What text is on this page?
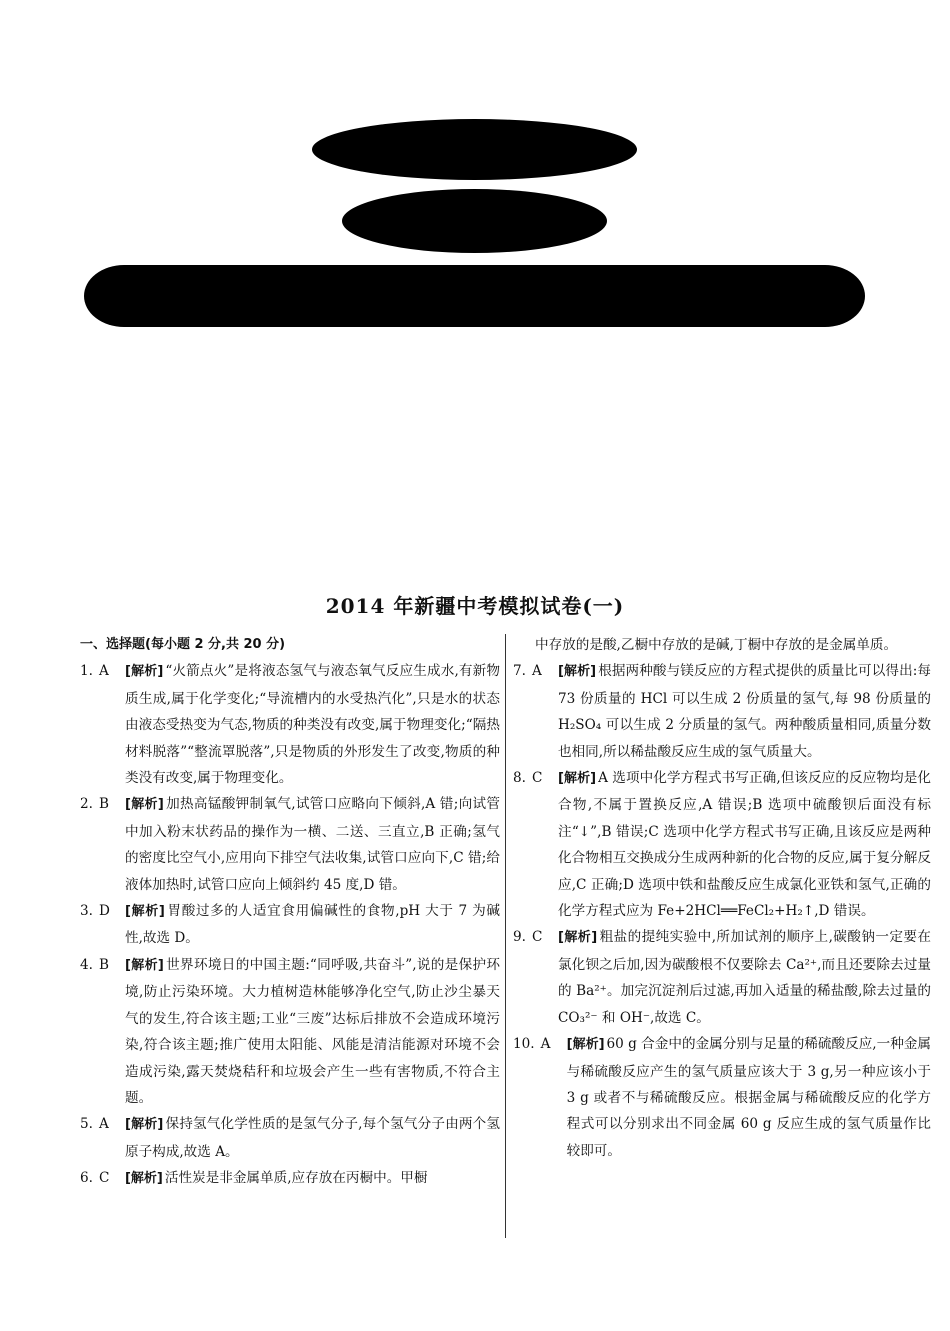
2014 年新疆中考模拟试卷(一)
一、选择题(每小题 2 分,共 20 分)
1. A	[解析] “火箭点火”是将液态氢气与液态氧气反应生成水,有新物质生成,属于化学变化;“导流槽内的水受热汽化”,只是水的状态由液态受热变为气态,物质的种类没有改变,属于物理变化;“隔热材料脱落”“整流罩脱落”,只是物质的外形发生了改变,物质的种类没有改变,属于物理变化。
2. B	[解析] 加热高锰酸钾制氧气,试管口应略向下倾斜,A 错;向试管中加入粉末状药品的操作为一横、二送、三直立,B 正确;氢气的密度比空气小,应用向下排空气法收集,试管口应向下,C 错;给液体加热时,试管口应向上倾斜约 45 度,D 错。
3. D	[解析] 胃酸过多的人适宜食用偏碱性的食物,pH 大于 7 为碱性,故选 D。
4. B	[解析] 世界环境日的中国主题:“同呼吸,共奋斗”,说的是保护环境,防止污染环境。大力植树造林能够净化空气,防止沙尘暴天气的发生,符合该主题;工业“三废”达标后排放不会造成环境污染,符合该主题;推广使用太阳能、风能是清洁能源对环境不会造成污染,露天焚烧秸秆和垃圾会产生一些有害物质,不符合主题。
5. A	[解析] 保持氢气化学性质的是氢气分子,每个氢气分子由两个氢原子构成,故选 A。
6. C	[解析] 活性炭是非金属单质,应存放在丙橱中。甲橱
中存放的是酸,乙橱中存放的是碱,丁橱中存放的是金属单质。
7. A	[解析] 根据两种酸与镁反应的方程式提供的质量比可以得出:每 73 份质量的 HCl 可以生成 2 份质量的氢气,每 98 份质量的 H₂SO₄ 可以生成 2 分质量的氢气。两种酸质量相同,质量分数也相同,所以稀盐酸反应生成的氢气质量大。
8. C	[解析] A 选项中化学方程式书写正确,但该反应的反应物均是化合物,不属于置换反应,A 错误;B 选项中硫酸钡后面没有标注“↓”,B 错误;C 选项中化学方程式书写正确,且该反应是两种化合物相互交换成分生成两种新的化合物的反应,属于复分解反应,C 正确;D 选项中铁和盐酸反应生成氯化亚铁和氢气,正确的化学方程式应为 Fe+2HCl══FeCl₂+H₂↑,D 错误。
9. C	[解析] 粗盐的提纯实验中,所加试剂的顺序上,碳酸钠一定要在氯化钡之后加,因为碳酸根不仅要除去 Ca²⁺,而且还要除去过量的 Ba²⁺。加完沉淀剂后过滤,再加入适量的稀盐酸,除去过量的 CO₃²⁻ 和 OH⁻,故选 C。
10. A	[解析] 60 g 合金中的金属分别与足量的稀硫酸反应,一种金属与稀硫酸反应产生的氢气质量应该大于 3 g,另一种应该小于 3 g 或者不与稀硫酸反应。根据金属与稀硫酸反应的化学方程式可以分别求出不同金属 60 g 反应生成的氢气质量作比较即可。
